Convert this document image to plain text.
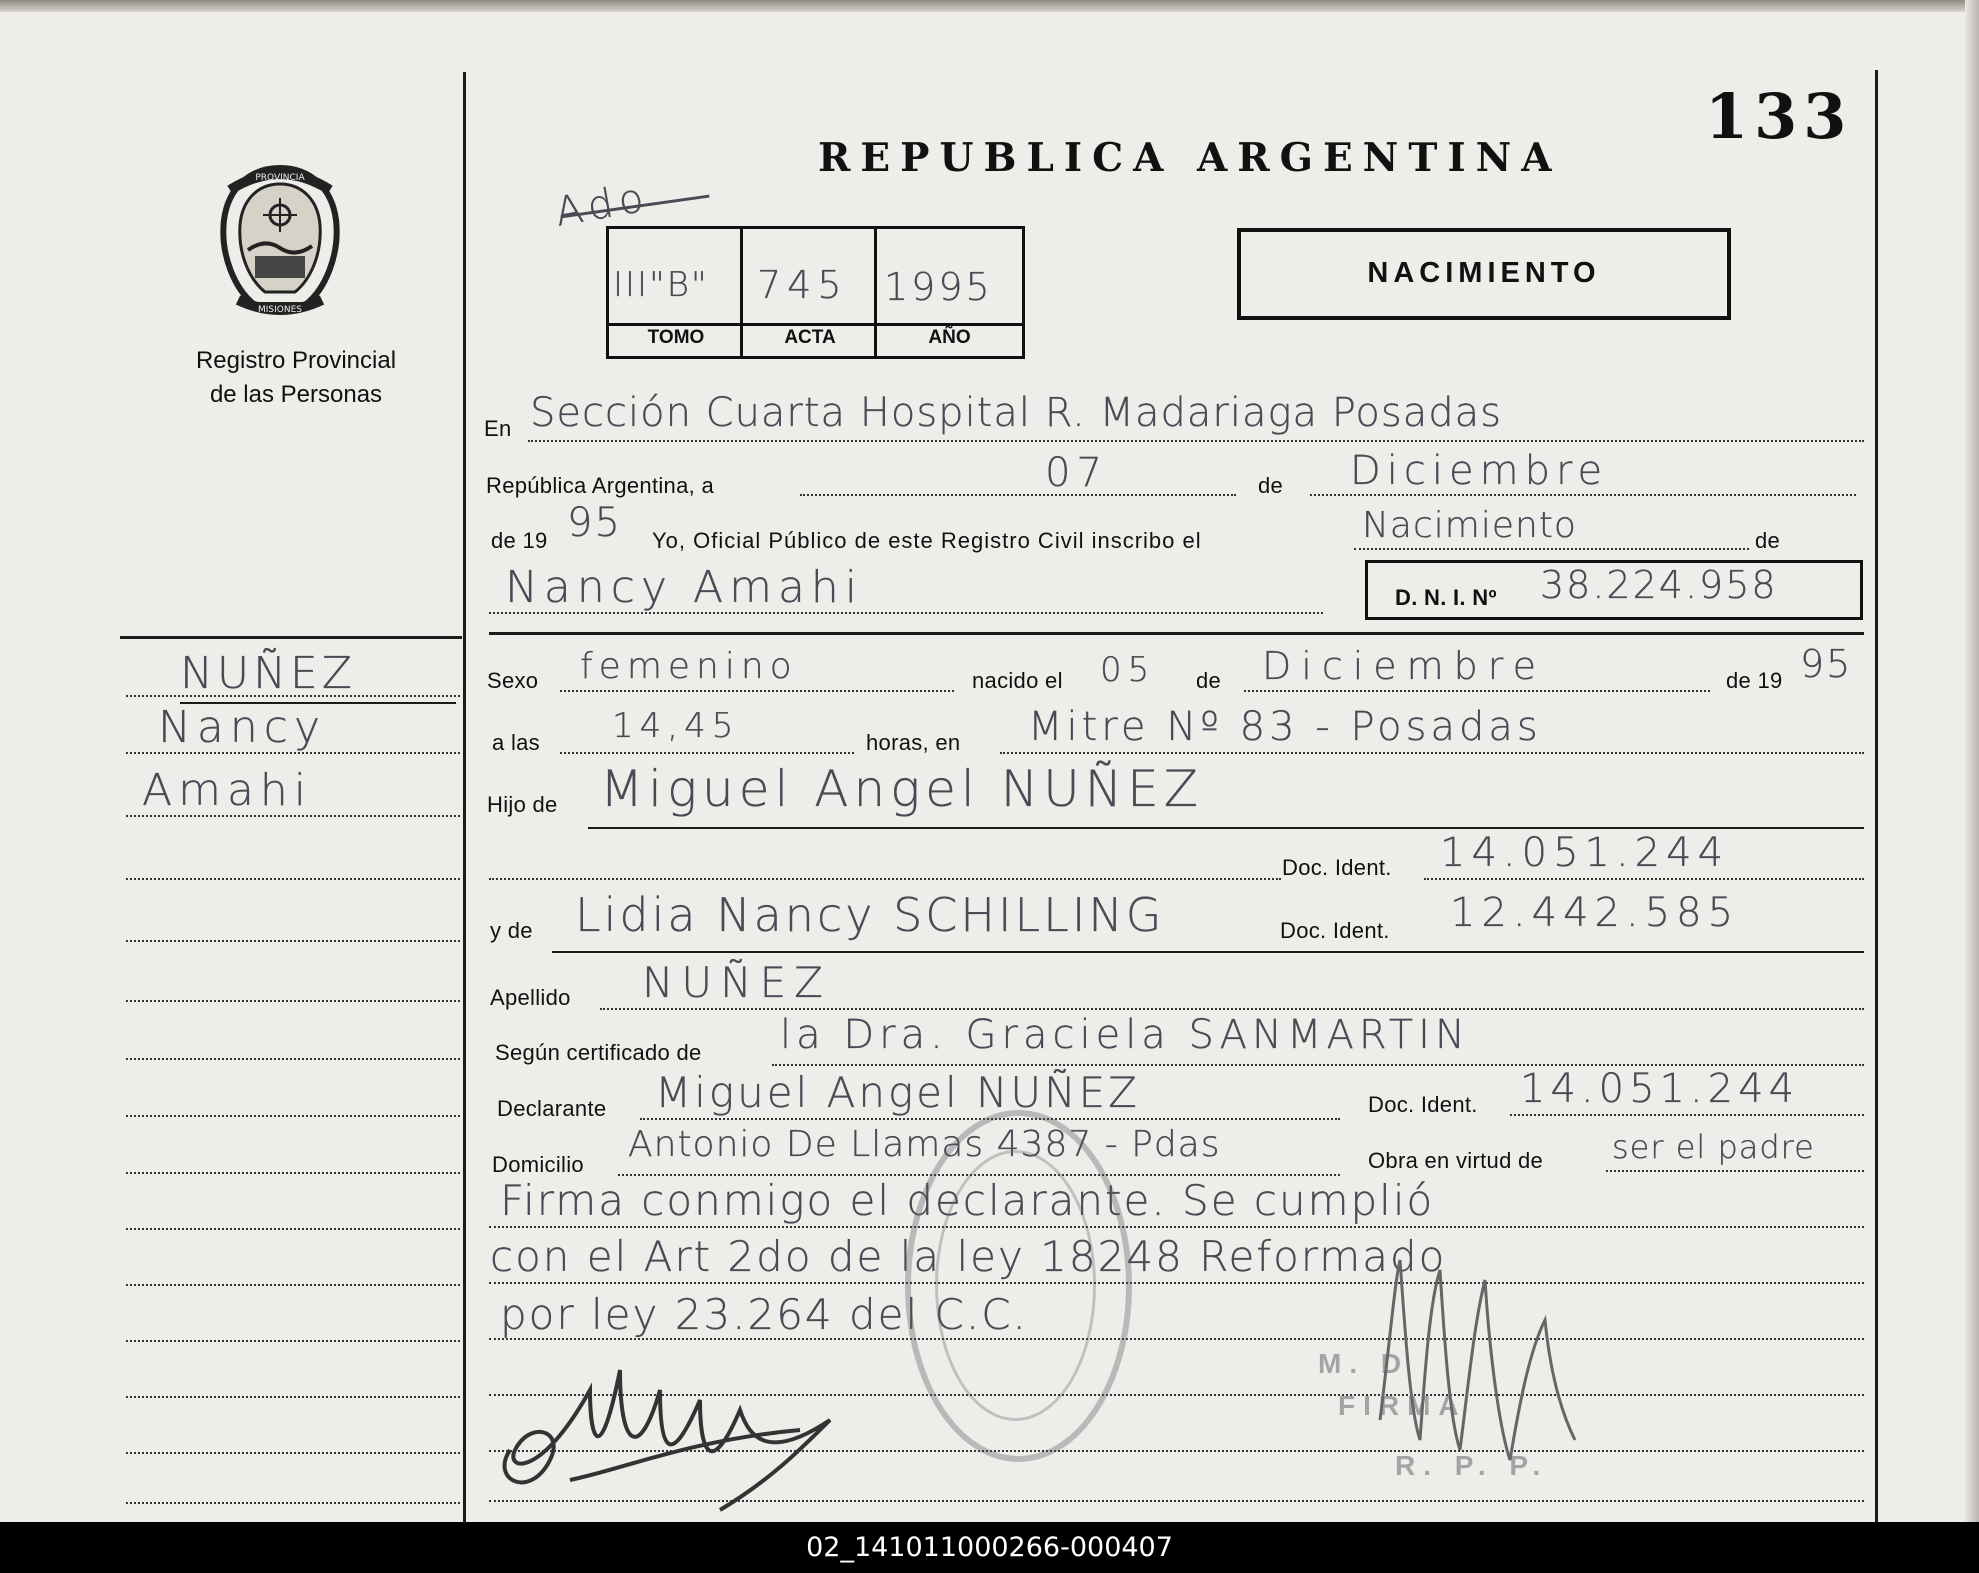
PROVINCIA
MISIONES
Registro Provincial
de las Personas
133
REPUBLICA ARGENTINA
Ado
III"B" 745 1995
TOMO	ACTA	AÑO
NACIMIENTO
En Sección Cuarta Hospital R. Madariaga Posadas
República Argentina, a	07	de Diciembre
de 19 95 Yo, Oficial Público de este Registro Civil inscribo el	Nacimiento	de
Nancy Amahi	D. N. I. Nº 38.224.958
Sexo femenino	nacido el 05 de Diciembre	de 19 95
a las 14,45	horas, en Mitre Nº 83 - Posadas
Hijo de Miguel Angel NUÑEZ
Doc. Ident. 14.051.244
y de Lidia Nancy SCHILLING	Doc. Ident. 12.442.585
Apellido NUÑEZ
Según certificado de la Dra. Graciela SANMARTIN
Declarante Miguel Angel NUÑEZ	Doc. Ident. 14.051.244
Domicilio Antonio De Llamas 4387 - Pdas	Obra en virtud de ser el padre
Firma conmigo el declarante. Se cumplió
con el Art 2do de la ley 18248 Reformado
por ley 23.264 del C.C.
NUÑEZ
Nancy
Amahi
M. D
FIRMA
R. P. P.
02_141011000266-000407
